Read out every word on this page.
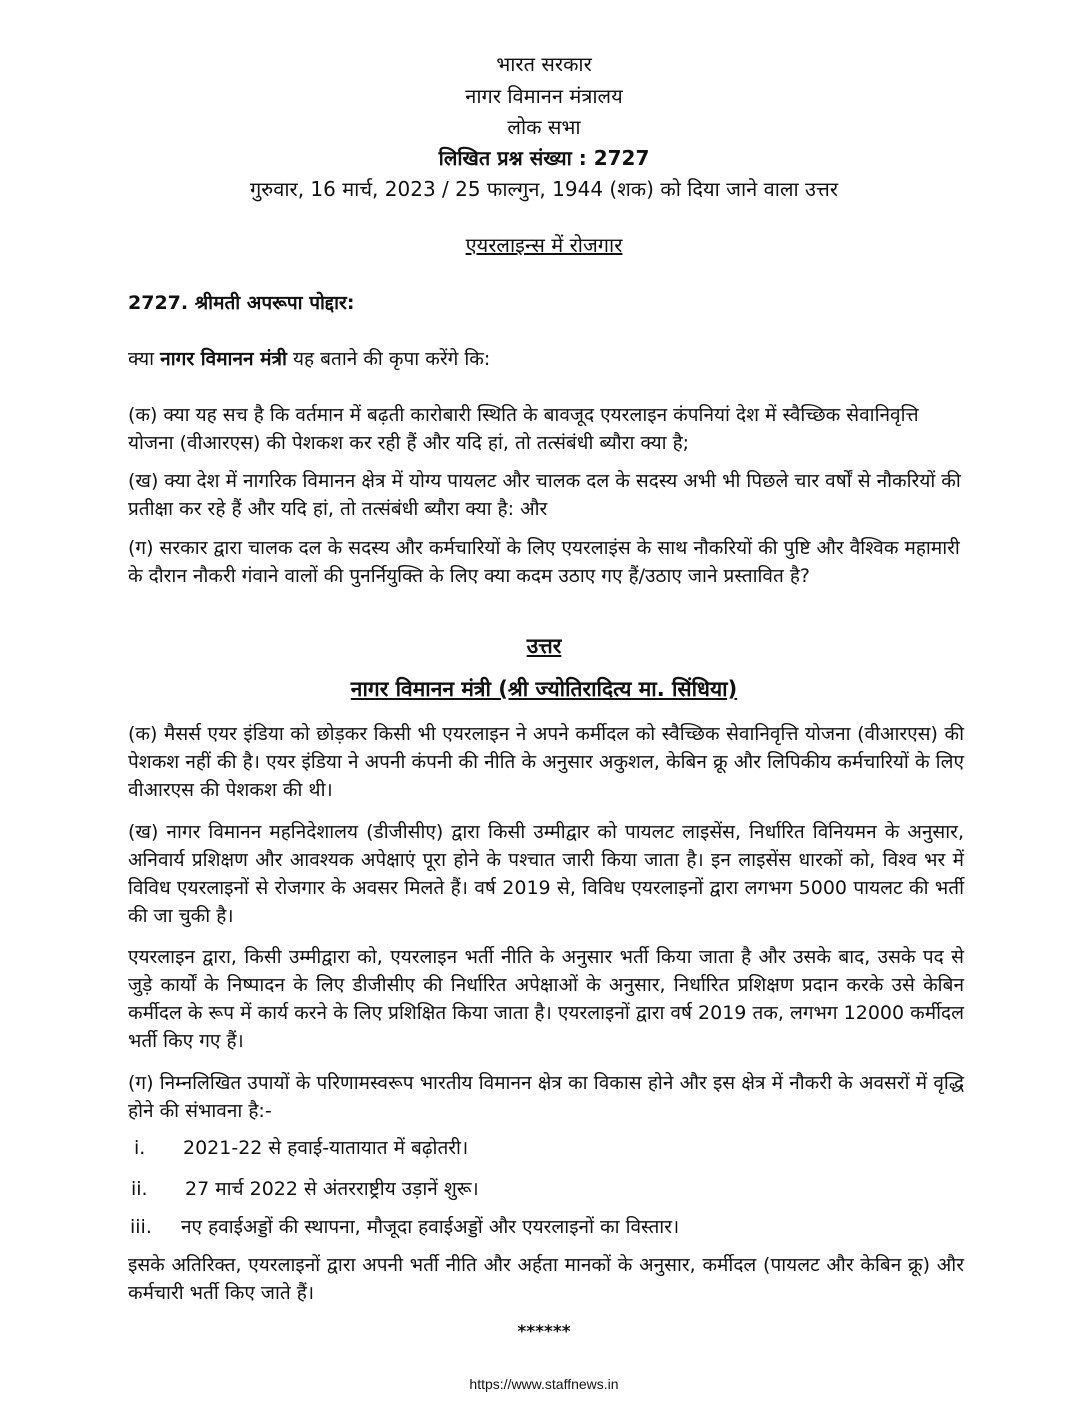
भारत सरकार
नागर विमानन मंत्रालय
लोक सभा
लिखित प्रश्न संख्या : 2727
गुरुवार, 16 मार्च, 2023 / 25 फाल्गुन, 1944 (शक) को दिया जाने वाला उत्तर
एयरलाइन्स में रोजगार
2727. श्रीमती अपरूपा पोद्दार:
क्या नागर विमानन मंत्री यह बताने की कृपा करेंगे कि:
(क) क्या यह सच है कि वर्तमान में बढ़ती कारोबारी स्थिति के बावजूद एयरलाइन कंपनियां देश में स्वैच्छिक सेवानिवृत्ति योजना (वीआरएस) की पेशकश कर रही हैं और यदि हां, तो तत्संबंधी ब्यौरा क्या है;
(ख) क्या देश में नागरिक विमानन क्षेत्र में योग्य पायलट और चालक दल के सदस्य अभी भी पिछले चार वर्षों से नौकरियों की प्रतीक्षा कर रहे हैं और यदि हां, तो तत्संबंधी ब्यौरा क्या है: और
(ग) सरकार द्वारा चालक दल के सदस्य और कर्मचारियों के लिए एयरलाइंस के साथ नौकरियों की पुष्टि और वैश्विक महामारी के दौरान नौकरी गंवाने वालों की पुनर्नियुक्ति के लिए क्या कदम उठाए गए हैं/उठाए जाने प्रस्तावित है?
उत्तर
नागर विमानन मंत्री (श्री ज्योतिरादित्य मा. सिंधिया)
(क) मैसर्स एयर इंडिया को छोड़कर किसी भी एयरलाइन ने अपने कर्मीदल को स्वैच्छिक सेवानिवृत्ति योजना (वीआरएस) की पेशकश नहीं की है। एयर इंडिया ने अपनी कंपनी की नीति के अनुसार अकुशल, केबिन क्रू और लिपिकीय कर्मचारियों के लिए वीआरएस की पेशकश की थी।
(ख) नागर विमानन महनिदेशालय (डीजीसीए) द्वारा किसी उम्मीद्वार को पायलट लाइसेंस, निर्धारित विनियमन के अनुसार, अनिवार्य प्रशिक्षण और आवश्यक अपेक्षाएं पूरा होने के पश्चात जारी किया जाता है। इन लाइसेंस धारकों को, विश्व भर में विविध एयरलाइनों से रोजगार के अवसर मिलते हैं। वर्ष 2019 से, विविध एयरलाइनों द्वारा लगभग 5000 पायलट की भर्ती की जा चुकी है।
एयरलाइन द्वारा, किसी उम्मीद्वारा को, एयरलाइन भर्ती नीति के अनुसार भर्ती किया जाता है और उसके बाद, उसके पद से जुड़े कार्यों के निष्पादन के लिए डीजीसीए की निर्धारित अपेक्षाओं के अनुसार, निर्धारित प्रशिक्षण प्रदान करके उसे केबिन कर्मीदल के रूप में कार्य करने के लिए प्रशिक्षित किया जाता है। एयरलाइनों द्वारा वर्ष 2019 तक, लगभग 12000 कर्मीदल भर्ती किए गए हैं।
(ग) निम्नलिखित उपायों के परिणामस्वरूप भारतीय विमानन क्षेत्र का विकास होने और इस क्षेत्र में नौकरी के अवसरों में वृद्धि होने की संभावना है:-
i. 2021-22 से हवाई-यातायात में बढ़ोतरी।
ii. 27 मार्च 2022 से अंतरराष्ट्रीय उड़ानें शुरू।
iii. नए हवाईअड्डों की स्थापना, मौजूदा हवाईअड्डों और एयरलाइनों का विस्तार।
इसके अतिरिक्त, एयरलाइनों द्वारा अपनी भर्ती नीति और अर्हता मानकों के अनुसार, कर्मीदल (पायलट और केबिन क्रू) और कर्मचारी भर्ती किए जाते हैं।
******
https://www.staffnews.in
